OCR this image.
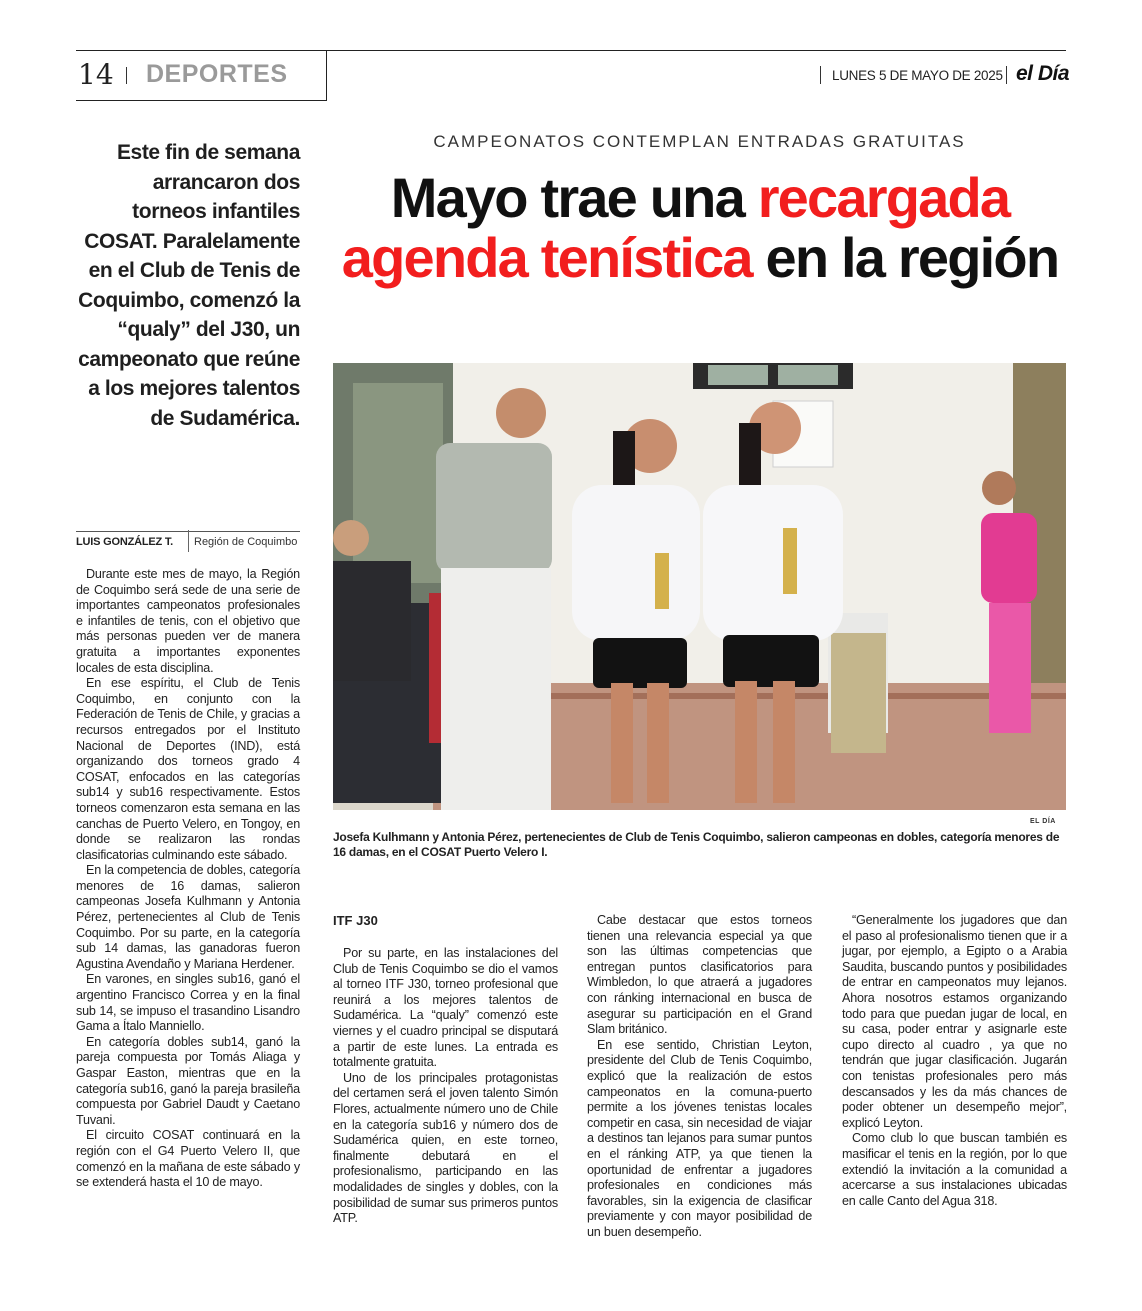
14 DEPORTES	LUNES 5 DE MAYO DE 2025 el Día

Este fin de semana arrancaron dos torneos infantiles COSAT. Paralelamente en el Club de Tenis de Coquimbo, comenzó la “qualy” del J30, un campeonato que reúne a los mejores talentos de Sudamérica.

LUIS GONZÁLEZ T. Región de Coquimbo
CAMPEONATOS CONTEMPLAN ENTRADAS GRATUITAS
Mayo trae una recargada
agenda tenística en la región
EL DÍA
Josefa Kulhmann y Antonia Pérez, pertenecientes de Club de Tenis Coquimbo, salieron campeonas en dobles, categoría menores de 16 damas, en el COSAT Puerto Velero I.

Durante este mes de mayo, la Región de Coquimbo será sede de una serie de importantes campeonatos profesionales e infantiles de tenis, con el objetivo que más personas pueden ver de manera gratuita a importantes exponentes locales de esta disciplina.

En ese espíritu, el Club de Tenis Coquimbo, en conjunto con la Federación de Tenis de Chile, y gracias a recursos entregados por el Instituto Nacional de Deportes (IND), está organizando dos torneos grado 4 COSAT, enfocados en las categorías sub14 y sub16 respectivamente. Estos torneos comenzaron esta semana en las canchas de Puerto Velero, en Tongoy, en donde se realizaron las rondas clasificatorias culminando este sábado.

En la competencia de dobles, categoría menores de 16 damas, salieron campeonas Josefa Kulhmann y Antonia Pérez, pertenecientes al Club de Tenis Coquimbo. Por su parte, en la categoría sub 14 damas, las ganadoras fueron Agustina Avendaño y Mariana Herdener.

En varones, en singles sub16, ganó el argentino Francisco Correa y en la final sub 14, se impuso el trasandino Lisandro Gama a Ítalo Manniello.

En categoría dobles sub14, ganó la pareja compuesta por Tomás Aliaga y Gaspar Easton, mientras que en la categoría sub16, ganó la pareja brasileña compuesta por Gabriel Daudt y Caetano Tuvani.

El circuito COSAT continuará en la región con el G4 Puerto Velero II, que comenzó en la mañana de este sábado y se extenderá hasta el 10 de mayo.

ITF J30

Por su parte, en las instalaciones del Club de Tenis Coquimbo se dio el vamos al torneo ITF J30, torneo profesional que reunirá a los mejores talentos de Sudamérica. La “qualy” comenzó este viernes y el cuadro principal se disputará a partir de este lunes. La entrada es totalmente gratuita.

Uno de los principales protagonistas del certamen será el joven talento Simón Flores, actualmente número uno de Chile en la categoría sub16 y número dos de Sudamérica quien, en este torneo, finalmente debutará en el profesionalismo, participando en las modalidades de singles y dobles, con la posibilidad de sumar sus primeros puntos ATP.

Cabe destacar que estos torneos tienen una relevancia especial ya que son las últimas competencias que entregan puntos clasificatorios para Wimbledon, lo que atraerá a jugadores con ránking internacional en busca de asegurar su participación en el Grand Slam británico.

En ese sentido, Christian Leyton, presidente del Club de Tenis Coquimbo, explicó que la realización de estos campeonatos en la comuna-puerto permite a los jóvenes tenistas locales competir en casa, sin necesidad de viajar a destinos tan lejanos para sumar puntos en el ránking ATP, ya que tienen la oportunidad de enfrentar a jugadores profesionales en condiciones más favorables, sin la exigencia de clasificar previamente y con mayor posibilidad de un buen desempeño.

“Generalmente los jugadores que dan el paso al profesionalismo tienen que ir a jugar, por ejemplo, a Egipto o a Arabia Saudita, buscando puntos y posibilidades de entrar en campeonatos muy lejanos. Ahora nosotros estamos organizando todo para que puedan jugar de local, en su casa, poder entrar y asignarle este cupo directo al cuadro , ya que no tendrán que jugar clasificación. Jugarán con tenistas profesionales pero más descansados y les da más chances de poder obtener un desempeño mejor”, explicó Leyton.

Como club lo que buscan también es masificar el tenis en la región, por lo que extendió la invitación a la comunidad a acercarse a sus instalaciones ubicadas en calle Canto del Agua 318.
